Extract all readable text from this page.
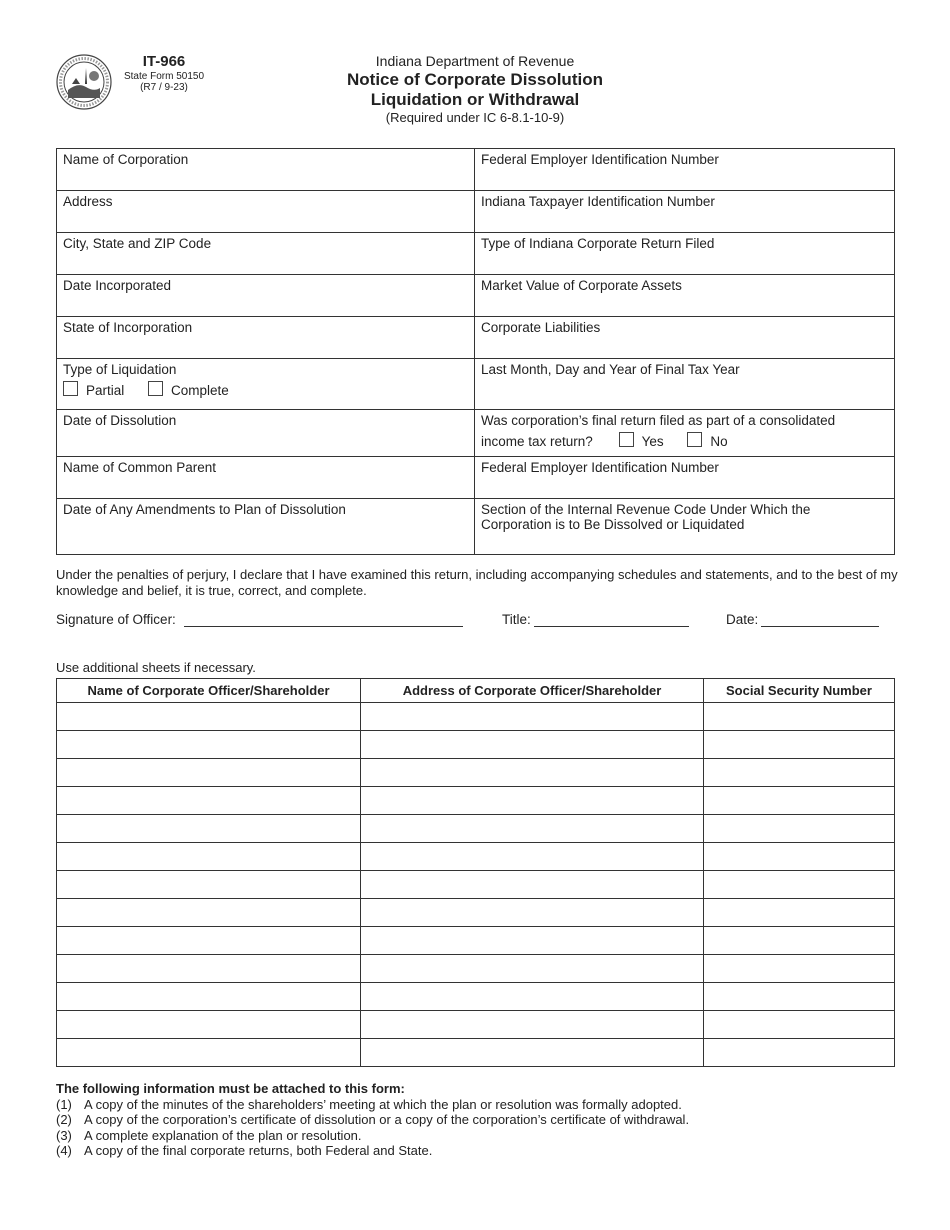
IT-966
State Form 50150
(R7 / 9-23)
Indiana Department of Revenue
Notice of Corporate Dissolution
Liquidation or Withdrawal
(Required under IC 6-8.1-10-9)
Name of Corporation	Federal Employer Identification Number
Address	Indiana Taxpayer Identification Number
City, State and ZIP Code	Type of Indiana Corporate Return Filed
Date Incorporated	Market Value of Corporate Assets
State of Incorporation	Corporate Liabilities

Type of Liquidation
Partial Complete	Last Month, Day and Year of Final Tax Year
Date of Dissolution	Was corporation’s final return filed as part of a consolidated
income tax return? Yes No

Name of Common Parent	Federal Employer Identification Number
Date of Any Amendments to Plan of Dissolution	Section of the Internal Revenue Code Under Which the
Corporation is to Be Dissolved or Liquidated
Under the penalties of perjury, I declare that I have examined this return, including accompanying schedules and statements, and to the best of my knowledge and belief, it is true, correct, and complete.
Signature of Officer:	Title:	Date:
Use additional sheets if necessary.
Name of Corporate Officer/Shareholder	Address of Corporate Officer/Shareholder	Social Security Number

The following information must be attached to this form:
(1) A copy of the minutes of the shareholders’ meeting at which the plan or resolution was formally adopted.
(2) A copy of the corporation’s certificate of dissolution or a copy of the corporation’s certificate of withdrawal.
(3) A complete explanation of the plan or resolution.
(4) A copy of the final corporate returns, both Federal and State.
